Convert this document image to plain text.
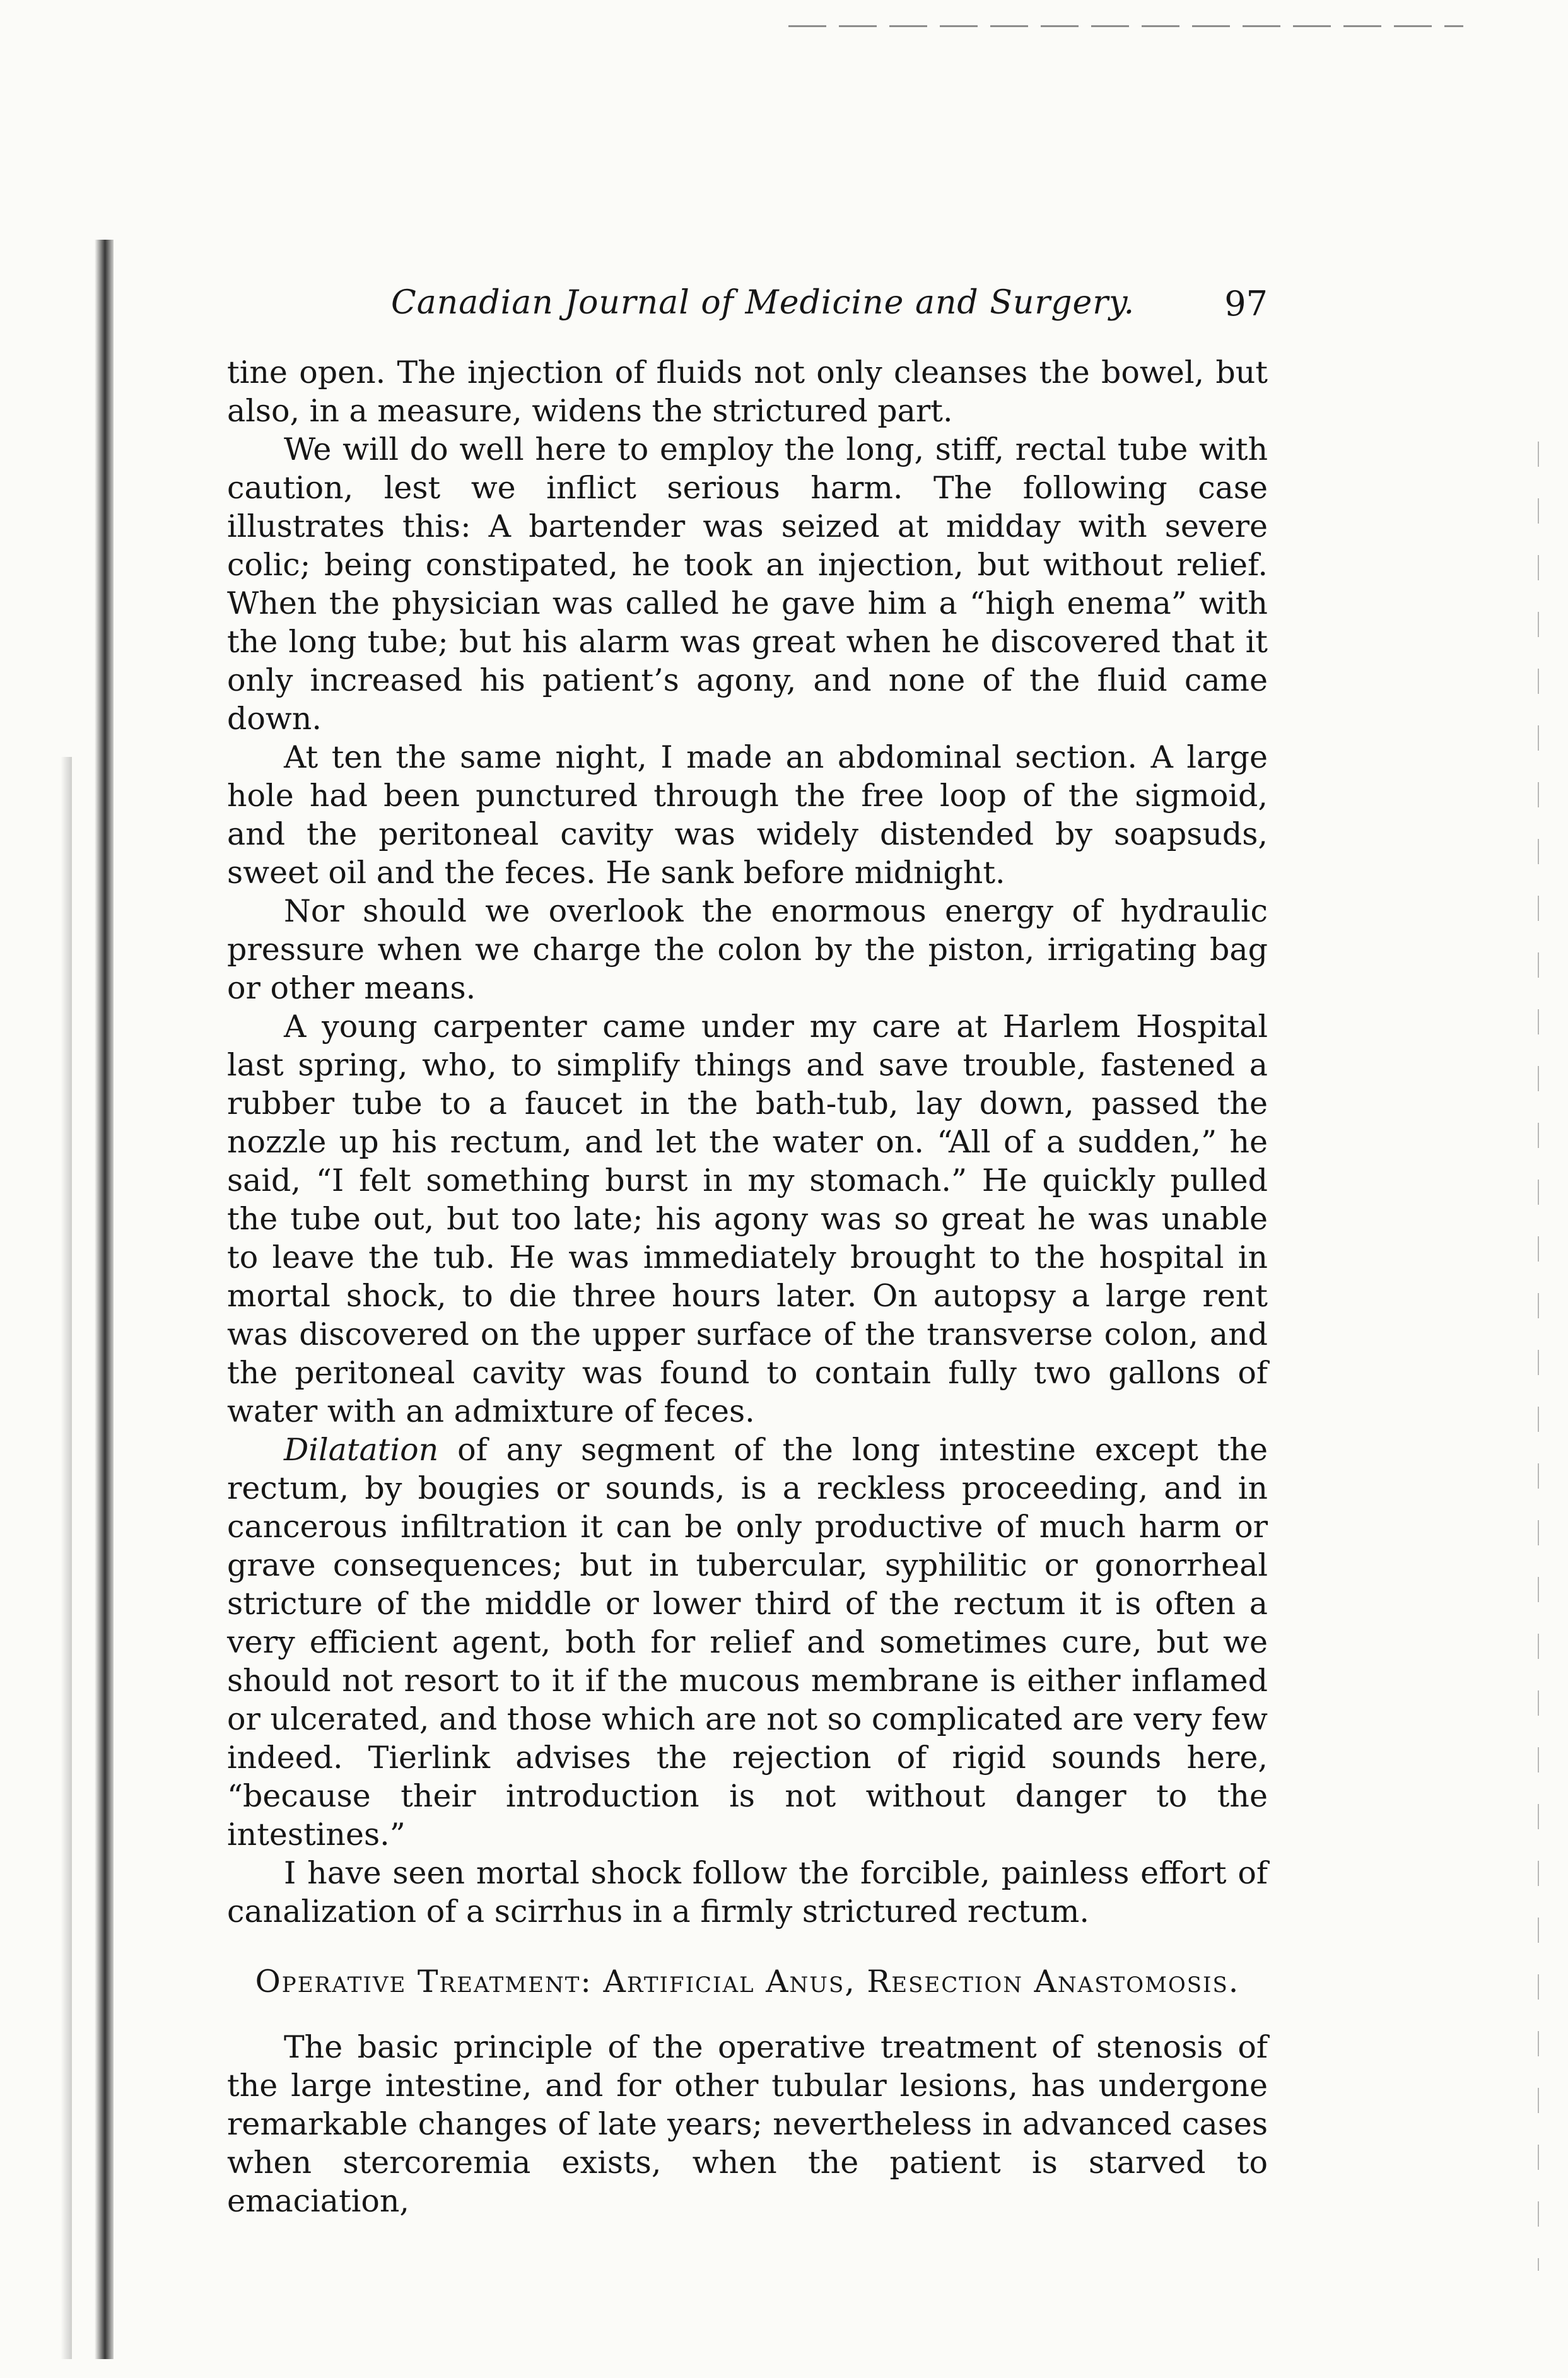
Canadian Journal of Medicine and Surgery.	97

tine open. The injection of fluids not only cleanses the bowel, but also, in a measure, widens the strictured part.

We will do well here to employ the long, stiff, rectal tube with caution, lest we inflict serious harm. The following case illustrates this: A bartender was seized at midday with severe colic; being constipated, he took an injection, but without relief. When the physician was called he gave him a “high enema” with the long tube; but his alarm was great when he discovered that it only increased his patient’s agony, and none of the fluid came down.

At ten the same night, I made an abdominal section. A large hole had been punctured through the free loop of the sigmoid, and the peritoneal cavity was widely distended by soapsuds, sweet oil and the feces. He sank before midnight.

Nor should we overlook the enormous energy of hydraulic pressure when we charge the colon by the piston, irrigating bag or other means.

A young carpenter came under my care at Harlem Hospital last spring, who, to simplify things and save trouble, fastened a rubber tube to a faucet in the bath-tub, lay down, passed the nozzle up his rectum, and let the water on. “All of a sudden,” he said, “I felt something burst in my stomach.” He quickly pulled the tube out, but too late; his agony was so great he was unable to leave the tub. He was immediately brought to the hospital in mortal shock, to die three hours later. On autopsy a large rent was discovered on the upper surface of the transverse colon, and the peritoneal cavity was found to contain fully two gallons of water with an admixture of feces.

Dilatation of any segment of the long intestine except the rectum, by bougies or sounds, is a reckless proceeding, and in cancerous infiltration it can be only productive of much harm or grave consequences; but in tubercular, syphilitic or gonorrheal stricture of the middle or lower third of the rectum it is often a very efficient agent, both for relief and sometimes cure, but we should not resort to it if the mucous membrane is either inflamed or ulcerated, and those which are not so complicated are very few indeed. Tierlink advises the rejection of rigid sounds here, “because their introduction is not without danger to the intestines.”

I have seen mortal shock follow the forcible, painless effort of canalization of a scirrhus in a firmly strictured rectum.

Operative Treatment: Artificial Anus, Resection Anastomosis.

The basic principle of the operative treatment of stenosis of the large intestine, and for other tubular lesions, has undergone remarkable changes of late years; nevertheless in advanced cases when stercoremia exists, when the patient is starved to emaciation,
